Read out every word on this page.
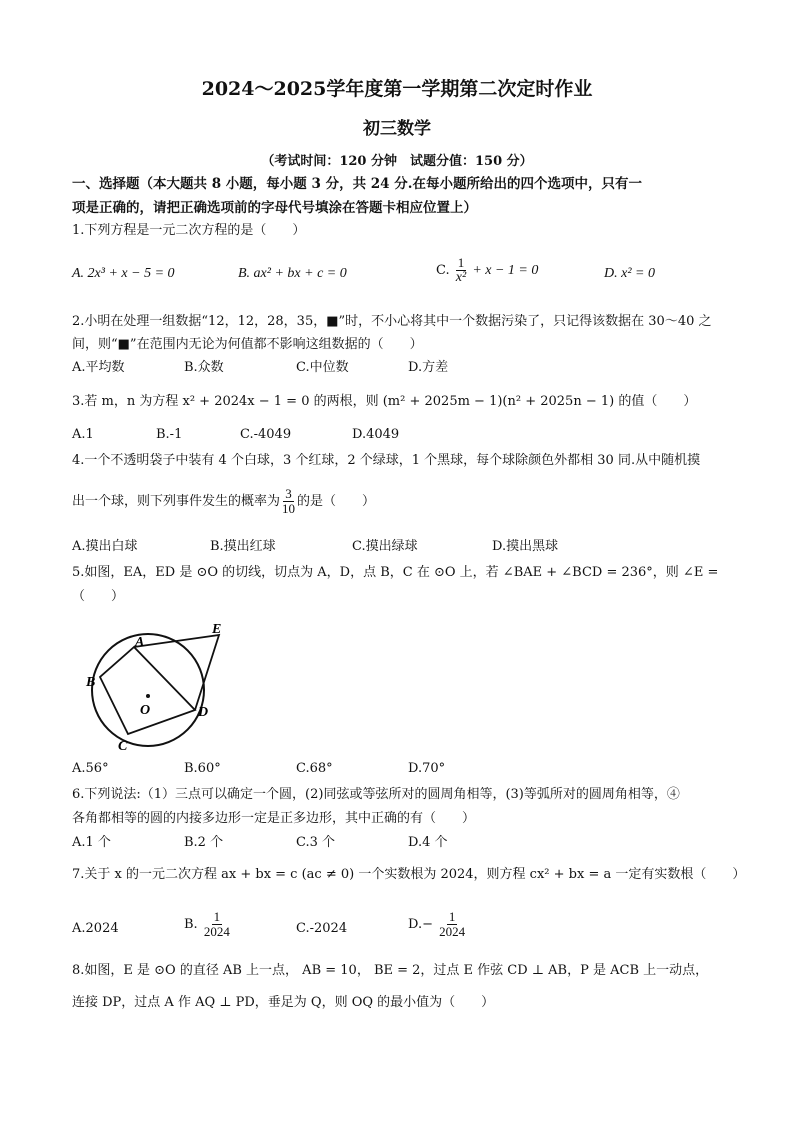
2024～2025学年度第一学期第二次定时作业
初三数学
（考试时间：120 分钟　试题分值：150 分）
一、选择题（本大题共 8 小题，每小题 3 分，共 24 分.在每小题所给出的四个选项中，只有一
项是正确的，请把正确选项前的字母代号填涂在答题卡相应位置上）
1.下列方程是一元二次方程的是（　　）
A. 2x³ + x − 5 = 0	B. ax² + bx + c = 0	C. $\frac{1}{\text{x²}} + x - 1 = 0$	D. x² = 0
2.小明在处理一组数据“12，12，28，35，■”时，不小心将其中一个数据污染了，只记得该数据在 30～40 之
间，则“■”在范围内无论为何值都不影响这组数据的（　　）
A.平均数	B.众数	C.中位数	D.方差
3.若 m，n 为方程 x² + 2024x − 1 = 0 的两根，则 (m² + 2025m − 1)(n² + 2025n − 1) 的值（　　）
A.1	B.-1	C.-4049	D.4049
4.一个不透明袋子中装有 4 个白球，3 个红球，2 个绿球，1 个黑球，每个球除颜色外都相 30 同.从中随机摸
出一个球，则下列事件发生的概率为 $\frac{3}{10}$ 的是（　　）
A.摸出白球	B.摸出红球	C.摸出绿球	D.摸出黑球
5.如图，EA，ED 是 ⊙O 的切线，切点为 A，D，点 B，C 在 ⊙O 上，若 ∠BAE + ∠BCD = 236°，则 ∠E =
（　　）
A
B
C
D
E
O
A.56°	B.60°	C.68°	D.70°
6.下列说法:（1）三点可以确定一个圆，(2)同弦或等弦所对的圆周角相等，(3)等弧所对的圆周角相等，④
各角都相等的圆的内接多边形一定是正多边形，其中正确的有（　　）
A.1 个	B.2 个	C.3 个	D.4 个
7.关于 x 的一元二次方程 ax + bx = c (ac ≠ 0) 一个实数根为 2024，则方程 cx² + bx = a 一定有实数根（　　）
A.2024	B. $\frac{1}{2024}$	C.-2024	$D.- \frac{1}{2024}$
8.如图，E 是 ⊙O 的直径 AB 上一点， AB = 10， BE = 2，过点 E 作弦 CD ⊥ AB，P 是 ACB 上一动点，
连接 DP，过点 A 作 AQ ⊥ PD，垂足为 Q，则 OQ 的最小值为（　　）
